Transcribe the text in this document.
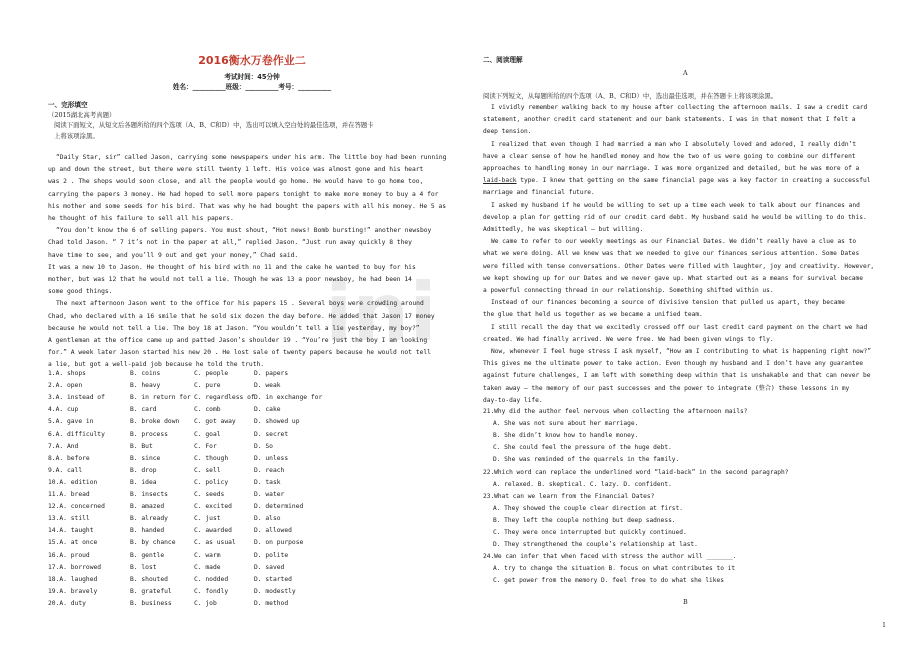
ini
2016衡水万卷作业二
考试时间：45分钟
姓名：__________班级：__________考号：__________
一、完形填空
（2015湖北高考真题）
阅读下面短文，从短文后各题所给的四个选项（A、B、C和D）中，选出可以填入空白处的最佳选项，并在答题卡
上将该项涂黑。
“Daily Star, sir” called Jason, carrying some newspapers under his arm. The little boy had been running
up and down the street, but there were still twenty 1 left. His voice was almost gone and his heart
was 2 . The shops would soon close, and all the people would go home. He would have to go home too,
carrying the papers 3 money. He had hoped to sell more papers tonight to make more money to buy a 4 for
his mother and some seeds for his bird. That was why he had bought the papers with all his money. He 5 as
he thought of his failure to sell all his papers.
“You don’t know the 6 of selling papers. You must shout, “Hot news! Bomb bursting!” another newsboy
Chad told Jason. “ 7 it’s not in the paper at all,” replied Jason. “Just run away quickly 8 they
have time to see, and you’ll 9 out and get your money,” Chad said.
It was a new 10 to Jason. He thought of his bird with no 11 and the cake he wanted to buy for his
mother, but was 12 that he would not tell a lie. Though he was 13 a poor newsboy, he had been 14
some good things.
The next afternoon Jason went to the office for his papers 15 . Several boys were crowding around
Chad, who declared with a 16 smile that he sold six dozen the day before. He added that Jason 17 money
because he would not tell a lie. The boy 18 at Jason. “You wouldn’t tell a lie yesterday, my boy?”
A gentleman at the office came up and patted Jason’s shoulder 19 . “You’re just the boy I am looking
for.” A week later Jason started his new 20 . He lost sale of twenty papers because he would not tell
a lie, but got a well-paid job because he told the truth.
1.A. shops	B. coins	C. people	D. papers
2.A. open	B. heavy	C. pure	D. weak
3.A. instead of	B. in return for C. regardless of D. in exchange for
4.A. cup	B. card	C. comb	D. cake
5.A. gave in	B. broke down C. got away	D. showed up
6.A. difficulty	B. process	C. goal	D. secret
7.A. And	B. But	C. For	D. So
8.A. before	B. since	C. though	D. unless
9.A. call	B. drop	C. sell	D. reach
10.A. edition	B. idea	C. policy	D. task
11.A. bread	B. insects	C. seeds	D. water
12.A. concerned	B. amazed	C. excited	D. determined
13.A. still	B. already	C. just	D. also
14.A. taught	B. handed	C. awarded	D. allowed
15.A. at once	B. by chance	C. as usual	D. on purpose
16.A. proud	B. gentle	C. warm	D. polite
17.A. borrowed	B. lost	C. made	D. saved
18.A. laughed	B. shouted	C. nodded	D. started
19.A. bravely	B. grateful	C. fondly	D. modestly
20.A. duty	B. business	C. job	D. method
二、阅读理解
A
阅读下列短文，从每题所给的四个选项（A、B、C和D）中，选出最佳选项，并在答题卡上将该项涂黑。
I vividly remember walking back to my house after collecting the afternoon mails. I saw a credit card
statement, another credit card statement and our bank statements. I was in that moment that I felt a
deep tension.
I realized that even though I had married a man who I absolutely loved and adored, I really didn’t
have a clear sense of how he handled money and how the two of us were going to combine our different
approaches to handling money in our marriage. I was more organized and detailed, but he was more of a
laid-back type. I knew that getting on the same financial page was a key factor in creating a successful
marriage and financial future.
I asked my husband if he would be willing to set up a time each week to talk about our finances and
develop a plan for getting rid of our credit card debt. My husband said he would be willing to do this.
Admittedly, he was skeptical — but willing.
We came to refer to our weekly meetings as our Financial Dates. We didn’t really have a clue as to
what we were doing. All we knew was that we needed to give our finances serious attention. Some Dates
were filled with tense conversations. Other Dates were filled with laughter, joy and creativity. However,
we kept showing up for our Dates and we never gave up. What started out as a means for survival became
a powerful connecting thread in our relationship. Something shifted within us.
Instead of our finances becoming a source of divisive tension that pulled us apart, they became
the glue that held us together as we became a unified team.
I still recall the day that we excitedly crossed off our last credit card payment on the chart we had
created. We had finally arrived. We were free. We had been given wings to fly.
Now, whenever I feel huge stress I ask myself, “How am I contributing to what is happening right now?”
This gives me the ultimate power to take action. Even though my husband and I don’t have any guarantee
against future challenges, I am left with something deep within that is unshakable and that can never be
taken away — the memory of our past successes and the power to integrate (整合) these lessons in my
day-to-day life.
21.Why did the author feel nervous when collecting the afternoon mails?
A. She was not sure about her marriage.
B. She didn’t know how to handle money.
C. She could feel the pressure of the huge debt.
D. She was reminded of the quarrels in the family.
22.Which word can replace the underlined word “laid-back” in the second paragraph?
A. relaxed. B. skeptical. C. lazy. D. confident.
23.What can we learn from the Financial Dates?
A. They showed the couple clear direction at first.
B. They left the couple nothing but deep sadness.
C. They were once interrupted but quickly continued.
D. They strengthened the couple’s relationship at last.
24.We can infer that when faced with stress the author will _______.
A. try to change the situation B. focus on what contributes to it
C. get power from the memory D. feel free to do what she likes
B
1
